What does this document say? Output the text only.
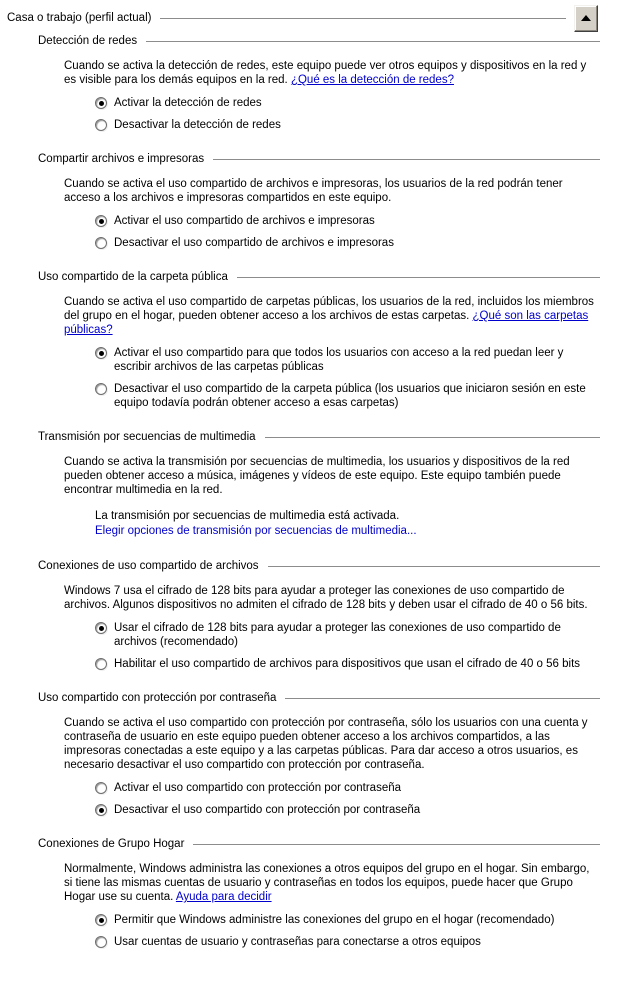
Casa o trabajo (perfil actual)
Detección de redes

Cuando se activa la detección de redes, este equipo puede ver otros equipos y dispositivos en la red y es visible para los demás equipos en la red. ¿Qué es la detección de redes?

Activar la detección de redes
Desactivar la detección de redes
Compartir archivos e impresoras

Cuando se activa el uso compartido de archivos e impresoras, los usuarios de la red podrán tener acceso a los archivos e impresoras compartidos en este equipo.

Activar el uso compartido de archivos e impresoras
Desactivar el uso compartido de archivos e impresoras
Uso compartido de la carpeta pública

Cuando se activa el uso compartido de carpetas públicas, los usuarios de la red, incluidos los miembros del grupo en el hogar, pueden obtener acceso a los archivos de estas carpetas. ¿Qué son las carpetas públicas?

Activar el uso compartido para que todos los usuarios con acceso a la red puedan leer y escribir archivos de las carpetas públicas
Desactivar el uso compartido de la carpeta pública (los usuarios que iniciaron sesión en este equipo todavía podrán obtener acceso a esas carpetas)
Transmisión por secuencias de multimedia

Cuando se activa la transmisión por secuencias de multimedia, los usuarios y dispositivos de la red pueden obtener acceso a música, imágenes y vídeos de este equipo. Este equipo también puede encontrar multimedia en la red.

La transmisión por secuencias de multimedia está activada.
Elegir opciones de transmisión por secuencias de multimedia...
Conexiones de uso compartido de archivos

Windows 7 usa el cifrado de 128 bits para ayudar a proteger las conexiones de uso compartido de archivos. Algunos dispositivos no admiten el cifrado de 128 bits y deben usar el cifrado de 40 o 56 bits.

Usar el cifrado de 128 bits para ayudar a proteger las conexiones de uso compartido de archivos (recomendado)
Habilitar el uso compartido de archivos para dispositivos que usan el cifrado de 40 o 56 bits
Uso compartido con protección por contraseña

Cuando se activa el uso compartido con protección por contraseña, sólo los usuarios con una cuenta y contraseña de usuario en este equipo pueden obtener acceso a los archivos compartidos, a las impresoras conectadas a este equipo y a las carpetas públicas. Para dar acceso a otros usuarios, es necesario desactivar el uso compartido con protección por contraseña.

Activar el uso compartido con protección por contraseña
Desactivar el uso compartido con protección por contraseña
Conexiones de Grupo Hogar

Normalmente, Windows administra las conexiones a otros equipos del grupo en el hogar. Sin embargo, si tiene las mismas cuentas de usuario y contraseñas en todos los equipos, puede hacer que Grupo Hogar use su cuenta. Ayuda para decidir

Permitir que Windows administre las conexiones del grupo en el hogar (recomendado)
Usar cuentas de usuario y contraseñas para conectarse a otros equipos
